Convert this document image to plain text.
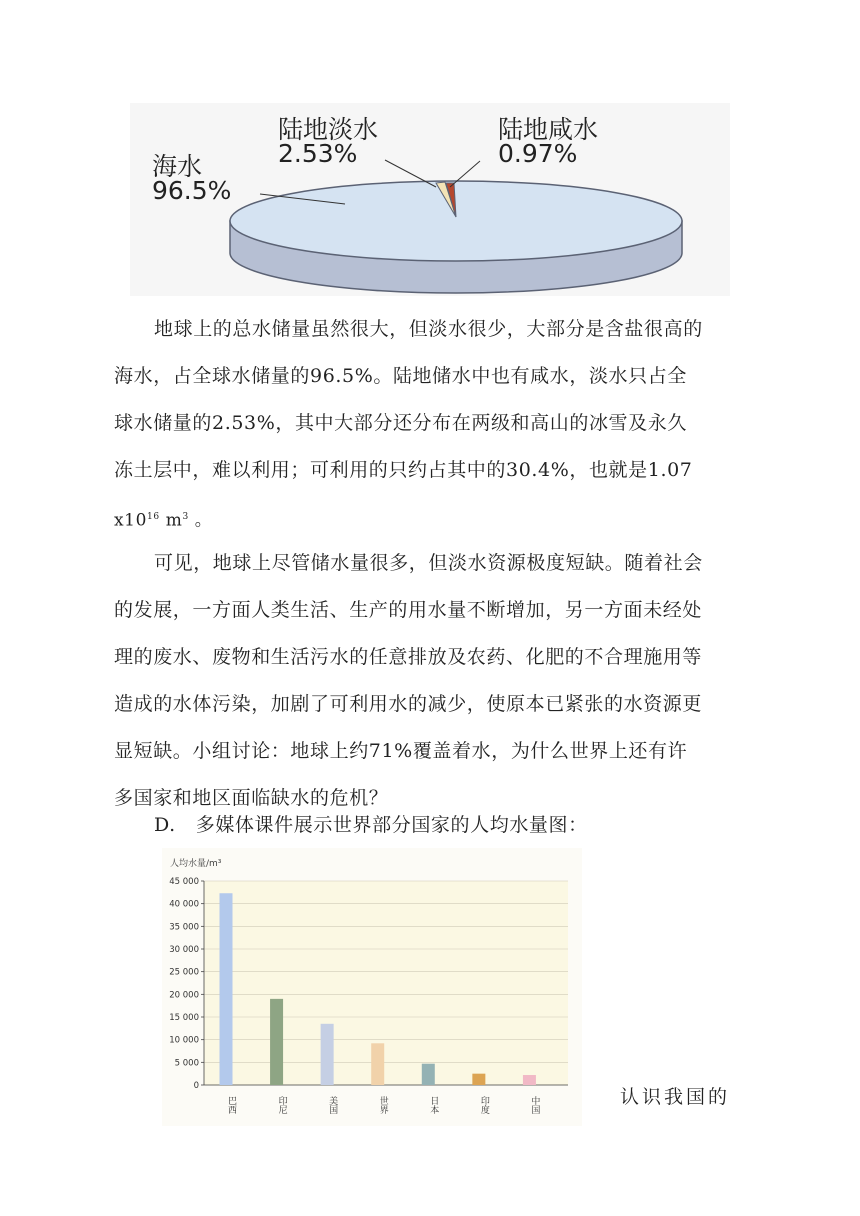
海水
96.5%
陆地淡水
2.53%
陆地咸水
0.97%
地球上的总水储量虽然很大，但淡水很少，大部分是含盐很高的
海水，占全球水储量的96.5%。陆地储水中也有咸水，淡水只占全
球水储量的2.53%，其中大部分还分布在两级和高山的冰雪及永久
冻土层中，难以利用；可利用的只约占其中的30.4%，也就是1.07
$x10^{16}$ $m^3$ 。
可见，地球上尽管储水量很多，但淡水资源极度短缺。随着社会
的发展，一方面人类生活、生产的用水量不断增加，另一方面未经处
理的废水、废物和生活污水的任意排放及农药、化肥的不合理施用等
造成的水体污染，加剧了可利用水的减少，使原本已紧张的水资源更
显短缺。小组讨论：地球上约71%覆盖着水，为什么世界上还有许
多国家和地区面临缺水的危机？
D. 多媒体课件展示世界部分国家的人均水量图：
人均水量/m³
0
5 000
10 000
15 000
20 000
25 000
30 000
35 000
40 000
45 000
巴西	印尼	美国	世界	日本	印度	中国	认识我国的
